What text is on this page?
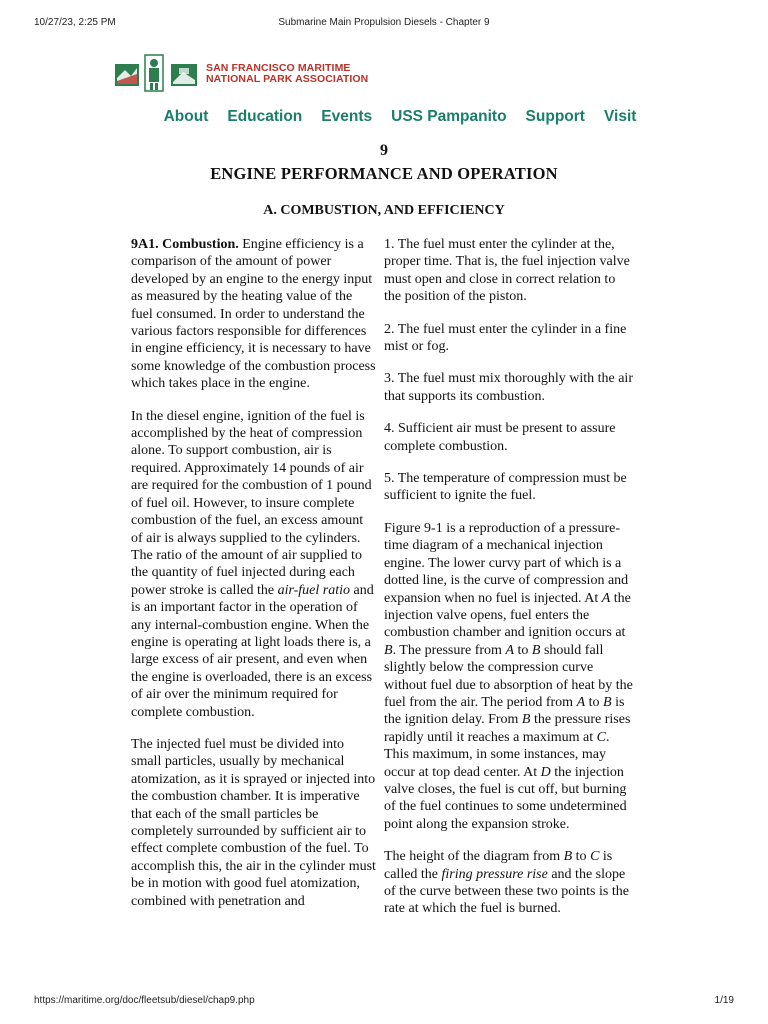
10/27/23, 2:25 PM	Submarine Main Propulsion Diesels - Chapter 9
SAN FRANCISCO MARITIME
NATIONAL PARK ASSOCIATION
About Education Events USS Pampanito Support Visit
9
ENGINE PERFORMANCE AND OPERATION
A. COMBUSTION, AND EFFICIENCY

9A1. Combustion. Engine efficiency is a comparison of the amount of power developed by an engine to the energy input as measured by the heating value of the fuel consumed. In order to understand the various factors responsible for differences in engine efficiency, it is necessary to have some knowledge of the combustion process which takes place in the engine.

In the diesel engine, ignition of the fuel is accomplished by the heat of compression alone. To support combustion, air is required. Approximately 14 pounds of air are required for the combustion of 1 pound of fuel oil. However, to insure complete combustion of the fuel, an excess amount of air is always supplied to the cylinders. The ratio of the amount of air supplied to the quantity of fuel injected during each power stroke is called the air-fuel ratio and is an important factor in the operation of any internal-combustion engine. When the engine is operating at light loads there is, a large excess of air present, and even when the engine is overloaded, there is an excess of air over the minimum required for complete combustion.

The injected fuel must be divided into small particles, usually by mechanical atomization, as it is sprayed or injected into the combustion chamber. It is imperative that each of the small particles be completely surrounded by sufficient air to effect complete combustion of the fuel. To accomplish this, the air in the cylinder must be in motion with good fuel atomization, combined with penetration and

1. The fuel must enter the cylinder at the, proper time. That is, the fuel injection valve must open and close in correct relation to the position of the piston.

2. The fuel must enter the cylinder in a fine mist or fog.

3. The fuel must mix thoroughly with the air that supports its combustion.

4. Sufficient air must be present to assure complete combustion.

5. The temperature of compression must be sufficient to ignite the fuel.

Figure 9-1 is a reproduction of a pressure-time diagram of a mechanical injection engine. The lower curvy part of which is a dotted line, is the curve of compression and expansion when no fuel is injected. At A the injection valve opens, fuel enters the combustion chamber and ignition occurs at B. The pressure from A to B should fall slightly below the compression curve without fuel due to absorption of heat by the fuel from the air. The period from A to B is the ignition delay. From B the pressure rises rapidly until it reaches a maximum at C. This maximum, in some instances, may occur at top dead center. At D the injection valve closes, the fuel is cut off, but burning of the fuel continues to some undetermined point along the expansion stroke.

The height of the diagram from B to C is called the firing pressure rise and the slope of the curve between these two points is the rate at which the fuel is burned.

https://maritime.org/doc/fleetsub/diesel/chap9.php	1/19
